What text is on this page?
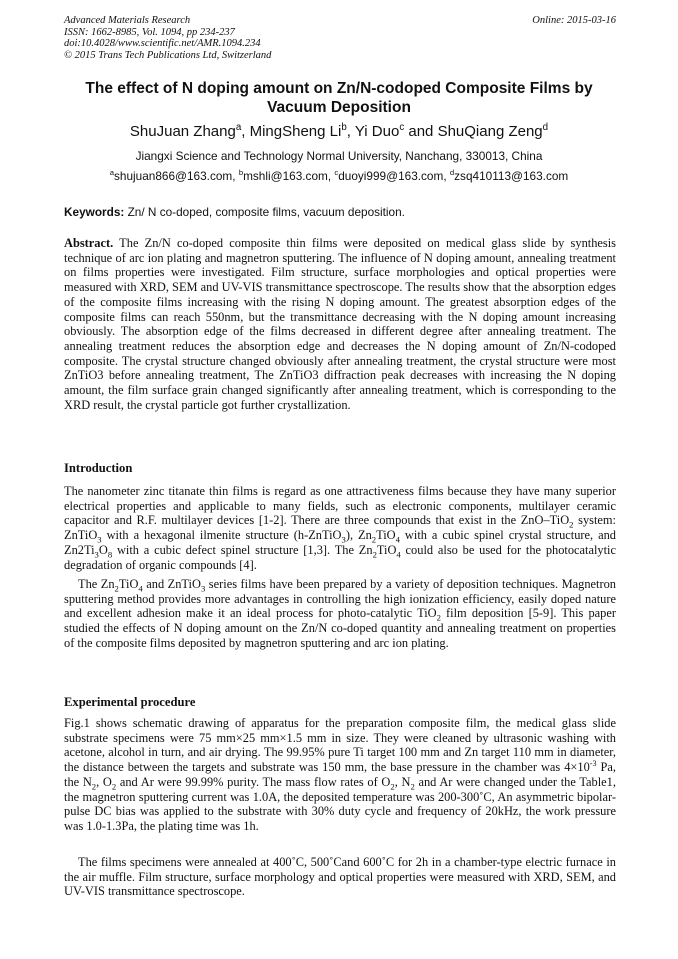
Advanced Materials Research
ISSN: 1662-8985, Vol. 1094, pp 234-237
doi:10.4028/www.scientific.net/AMR.1094.234
© 2015 Trans Tech Publications Ltd, Switzerland
Online: 2015-03-16
The effect of N doping amount on Zn/N-codoped Composite Films by Vacuum Deposition
ShuJuan Zhang$^a$, MingSheng Li$^b$, Yi Duo$^c$ and ShuQiang Zeng$^d$
Jiangxi Science and Technology Normal University, Nanchang, 330013, China
$^a$shujuan866@163.com, $^b$mshli@163.com, $^c$duoyi999@163.com, $^d$zsq410113@163.com
Keywords: Zn/ N co-doped, composite films, vacuum deposition.
Abstract. The Zn/N co-doped composite thin films were deposited on medical glass slide by synthesis technique of arc ion plating and magnetron sputtering. The influence of N doping amount, annealing treatment on films properties were investigated. Film structure, surface morphologies and optical properties were measured with XRD, SEM and UV-VIS transmittance spectroscope. The results show that the absorption edges of the composite films increasing with the rising N doping amount. The greatest absorption edges of the composite films can reach 550nm, but the transmittance decreasing with the N doping amount increasing obviously. The absorption edge of the films decreased in different degree after annealing treatment. The annealing treatment reduces the absorption edge and decreases the N doping amount of Zn/N-codoped composite. The crystal structure changed obviously after annealing treatment, the crystal structure were most ZnTiO3 before annealing treatment, The ZnTiO3 diffraction peak decreases with increasing the N doping amount, the film surface grain changed significantly after annealing treatment, which is corresponding to the XRD result, the crystal particle got further crystallization.
Introduction
The nanometer zinc titanate thin films is regard as one attractiveness films because they have many superior electrical properties and applicable to many fields, such as electronic components, multilayer ceramic capacitor and R.F. multilayer devices [1-2]. There are three compounds that exist in the ZnO–TiO$_2$ system: ZnTiO$_3$ with a hexagonal ilmenite structure (h-ZnTiO$_3$), $Zn_2TiO_4$ with a cubic spinel crystal structure, and $Zn2Ti_3O_8$ with a cubic defect spinel structure [1,3]. The $Zn_2TiO_4$ could also be used for the photocatalytic degradation of organic compounds [4].
The $Zn_2TiO_4$ and ZnTiO$_3$ series films have been prepared by a variety of deposition techniques. Magnetron sputtering method provides more advantages in controlling the high ionization efficiency, easily doped nature and excellent adhesion make it an ideal process for photo-catalytic TiO$_2$ film deposition [5-9]. This paper studied the effects of N doping amount on the Zn/N co-doped quantity and annealing treatment on properties of the composite films deposited by magnetron sputtering and arc ion plating.
Experimental procedure
Fig.1 shows schematic drawing of apparatus for the preparation composite film, the medical glass slide substrate specimens were 75 mm×25 mm×1.5 mm in size. They were cleaned by ultrasonic washing with acetone, alcohol in turn, and air drying. The 99.95% pure Ti target 100 mm and Zn target 110 mm in diameter, the distance between the targets and substrate was 150 mm, the base pressure in the chamber was $4\times 10^{-3}$ Pa, the $N_2$, $O_2$ and Ar were 99.99% purity. The mass flow rates of $O_2$, $N_2$ and Ar were changed under the Table1, the magnetron sputtering current was 1.0A, the deposited temperature was 200-300˚C, An asymmetric bipolar-pulse DC bias was applied to the substrate with 30% duty cycle and frequency of 20kHz, the work pressure was 1.0-1.3Pa, the plating time was 1h.
The films specimens were annealed at 400˚C, 500˚Cand 600˚C for 2h in a chamber-type electric furnace in the air muffle. Film structure, surface morphology and optical properties were measured with XRD, SEM, and UV-VIS transmittance spectroscope.
